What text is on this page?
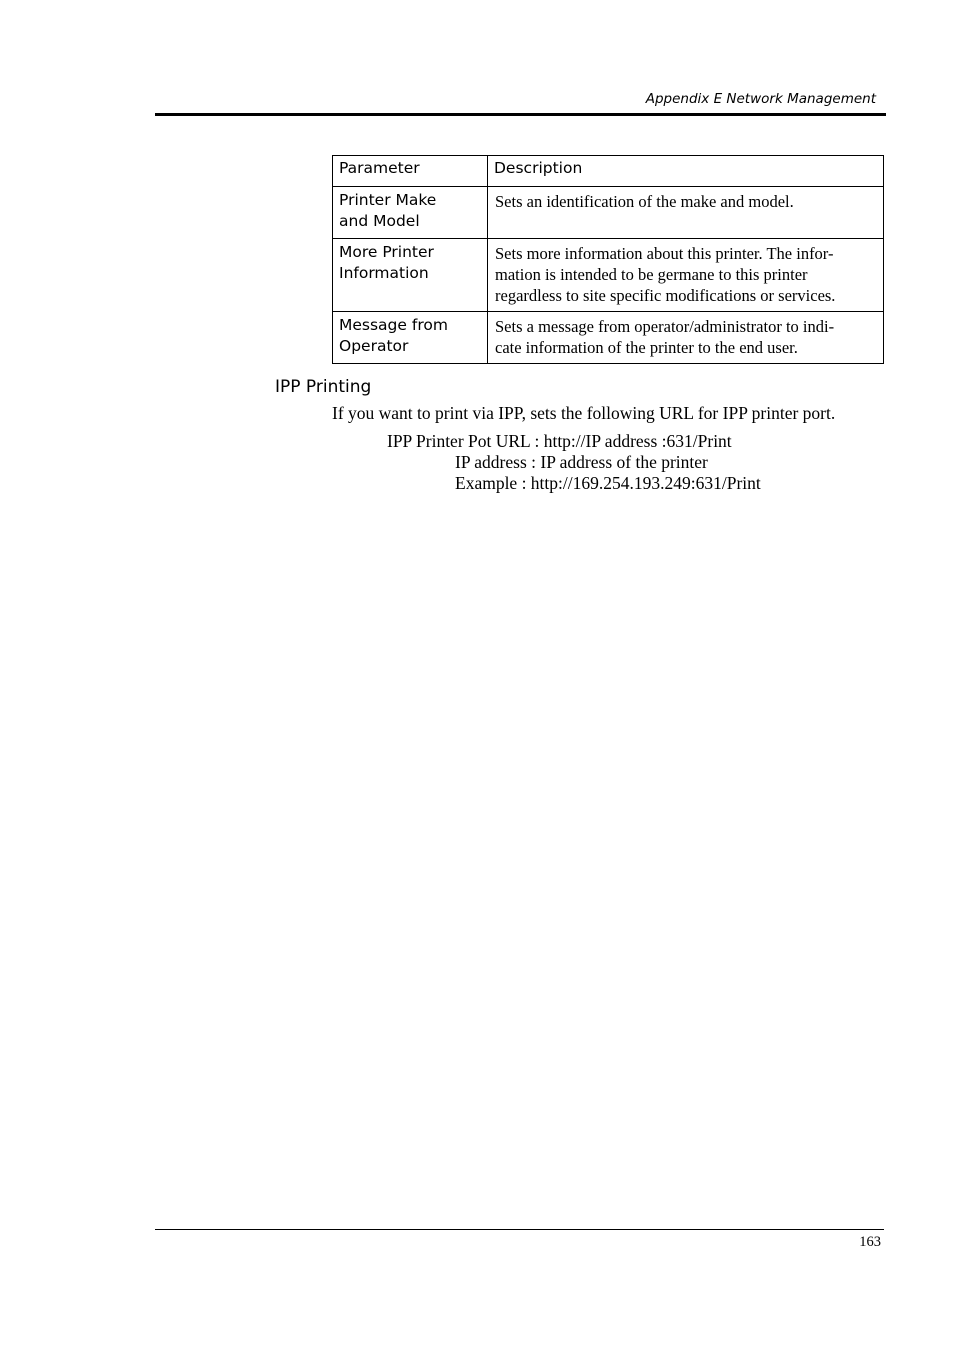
Appendix E Network Management
Parameter	Description
Printer Make
and Model	Sets an identification of the make and model.
More Printer
Information	Sets more information about this printer. The infor-
mation is intended to be germane to this printer
regardless to site specific modifications or services.
Message from
Operator	Sets a message from operator/administrator to indi-
cate information of the printer to the end user.
IPP Printing

If you want to print via IPP, sets the following URL for IPP printer port.

IPP Printer Pot URL : http://IP address :631/Print
IP address : IP address of the printer
Example : http://169.254.193.249:631/Print
163
